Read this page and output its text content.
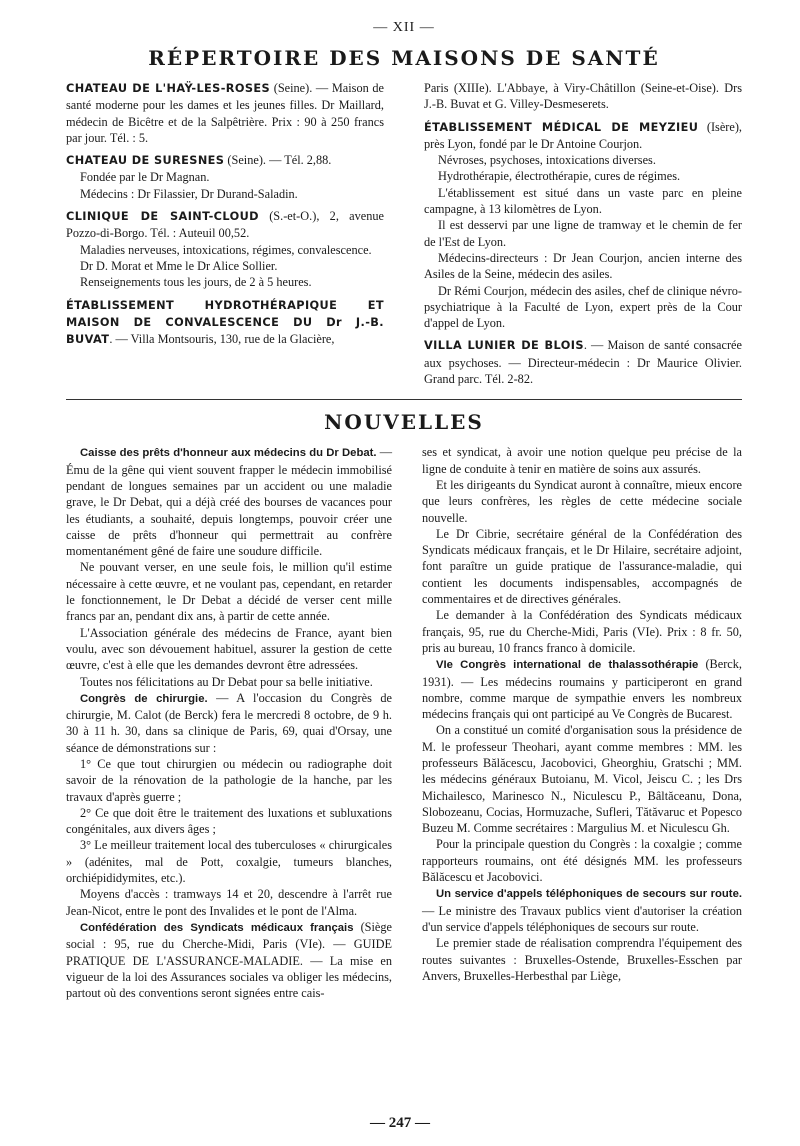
— XII —
RÉPERTOIRE DES MAISONS DE SANTÉ

CHATEAU DE L'HAŸ-LES-ROSES (Seine). — Maison de santé moderne pour les dames et les jeunes filles. Dr Maillard, médecin de Bicêtre et de la Salpêtrière. Prix : 90 à 250 francs par jour. Tél. : 5.

CHATEAU DE SURESNES (Seine). — Tél. 2,88.

Fondée par le Dr Magnan.

Médecins : Dr Filassier, Dr Durand-Saladin.

CLINIQUE DE SAINT-CLOUD (S.-et-O.), 2, avenue Pozzo-di-Borgo. Tél. : Auteuil 00,52.

Maladies nerveuses, intoxications, régimes, convalescence.

Dr D. Morat et Mme le Dr Alice Sollier.

Renseignements tous les jours, de 2 à 5 heures.

ÉTABLISSEMENT HYDROTHÉRAPIQUE ET MAISON DE CONVALESCENCE DU Dr J.-B. BUVAT. — Villa Montsouris, 130, rue de la Glacière,

Paris (XIIIe). L'Abbaye, à Viry-Châtillon (Seine-et-Oise). Drs J.-B. Buvat et G. Villey-Desmeserets.

ÉTABLISSEMENT MÉDICAL DE MEYZIEU (Isère), près Lyon, fondé par le Dr Antoine Courjon.

Névroses, psychoses, intoxications diverses.

Hydrothérapie, électrothérapie, cures de régimes.

L'établissement est situé dans un vaste parc en pleine campagne, à 13 kilomètres de Lyon.

Il est desservi par une ligne de tramway et le chemin de fer de l'Est de Lyon.

Médecins-directeurs : Dr Jean Courjon, ancien interne des Asiles de la Seine, médecin des asiles.

Dr Rémi Courjon, médecin des asiles, chef de clinique névro-psychiatrique à la Faculté de Lyon, expert près de la Cour d'appel de Lyon.

VILLA LUNIER DE BLOIS. — Maison de santé consacrée aux psychoses. — Directeur-médecin : Dr Maurice Olivier. Grand parc. Tél. 2-82.

NOUVELLES

Caisse des prêts d'honneur aux médecins du Dr Debat. — Ému de la gêne qui vient souvent frapper le médecin immobilisé pendant de longues semaines par un accident ou une maladie grave, le Dr Debat, qui a déjà créé des bourses de vacances pour les étudiants, a souhaité, depuis longtemps, pouvoir créer une caisse de prêts d'honneur qui permettrait au confrère momentanément gêné de faire une soudure difficile.

Ne pouvant verser, en une seule fois, le million qu'il estime nécessaire à cette œuvre, et ne voulant pas, cependant, en retarder le fonctionnement, le Dr Debat a décidé de verser cent mille francs par an, pendant dix ans, à partir de cette année.

L'Association générale des médecins de France, ayant bien voulu, avec son dévouement habituel, assurer la gestion de cette œuvre, c'est à elle que les demandes devront être adressées.

Toutes nos félicitations au Dr Debat pour sa belle initiative.

Congrès de chirurgie. — A l'occasion du Congrès de chirurgie, M. Calot (de Berck) fera le mercredi 8 octobre, de 9 h. 30 à 11 h. 30, dans sa clinique de Paris, 69, quai d'Orsay, une séance de démonstrations sur :

1° Ce que tout chirurgien ou médecin ou radiographe doit savoir de la rénovation de la pathologie de la hanche, par les travaux d'après guerre ;

2° Ce que doit être le traitement des luxations et subluxations congénitales, aux divers âges ;

3° Le meilleur traitement local des tuberculoses « chirurgicales » (adénites, mal de Pott, coxalgie, tumeurs blanches, orchiépididymites, etc.).

Moyens d'accès : tramways 14 et 20, descendre à l'arrêt rue Jean-Nicot, entre le pont des Invalides et le pont de l'Alma.

Confédération des Syndicats médicaux français (Siège social : 95, rue du Cherche-Midi, Paris (VIe). — GUIDE PRATIQUE DE L'ASSURANCE-MALADIE. — La mise en vigueur de la loi des Assurances sociales va obliger les médecins, partout où des conventions seront signées entre cais-

ses et syndicat, à avoir une notion quelque peu précise de la ligne de conduite à tenir en matière de soins aux assurés.

Et les dirigeants du Syndicat auront à connaître, mieux encore que leurs confrères, les règles de cette médecine sociale nouvelle.

Le Dr Cibrie, secrétaire général de la Confédération des Syndicats médicaux français, et le Dr Hilaire, secrétaire adjoint, font paraître un guide pratique de l'assurance-maladie, qui contient les documents indispensables, accompagnés de commentaires et de directives générales.

Le demander à la Confédération des Syndicats médicaux français, 95, rue du Cherche-Midi, Paris (VIe). Prix : 8 fr. 50, pris au bureau, 10 francs franco à domicile.

VIe Congrès international de thalassothérapie (Berck, 1931). — Les médecins roumains y participeront en grand nombre, comme marque de sympathie envers les nombreux médecins français qui ont participé au Ve Congrès de Bucarest.

On a constitué un comité d'organisation sous la présidence de M. le professeur Theohari, ayant comme membres : MM. les professeurs Bălăcescu, Jacobovici, Gheorghiu, Gratschi ; MM. les médecins généraux Butoianu, M. Vicol, Jeiscu C. ; les Drs Michailesco, Marinesco N., Niculescu P., Bâltăceanu, Dona, Slobozeanu, Cocias, Hormuzache, Sufleri, Tătăvaruc et Popesco Buzeu M. Comme secrétaires : Margulius M. et Niculescu Gh.

Pour la principale question du Congrès : la coxalgie ; comme rapporteurs roumains, ont été désignés MM. les professeurs Bălăcescu et Jacobovici.

Un service d'appels téléphoniques de secours sur route. — Le ministre des Travaux publics vient d'autoriser la création d'un service d'appels téléphoniques de secours sur route.

Le premier stade de réalisation comprendra l'équipement des routes suivantes : Bruxelles-Ostende, Bruxelles-Esschen par Anvers, Bruxelles-Herbesthal par Liège,

— 247 —
